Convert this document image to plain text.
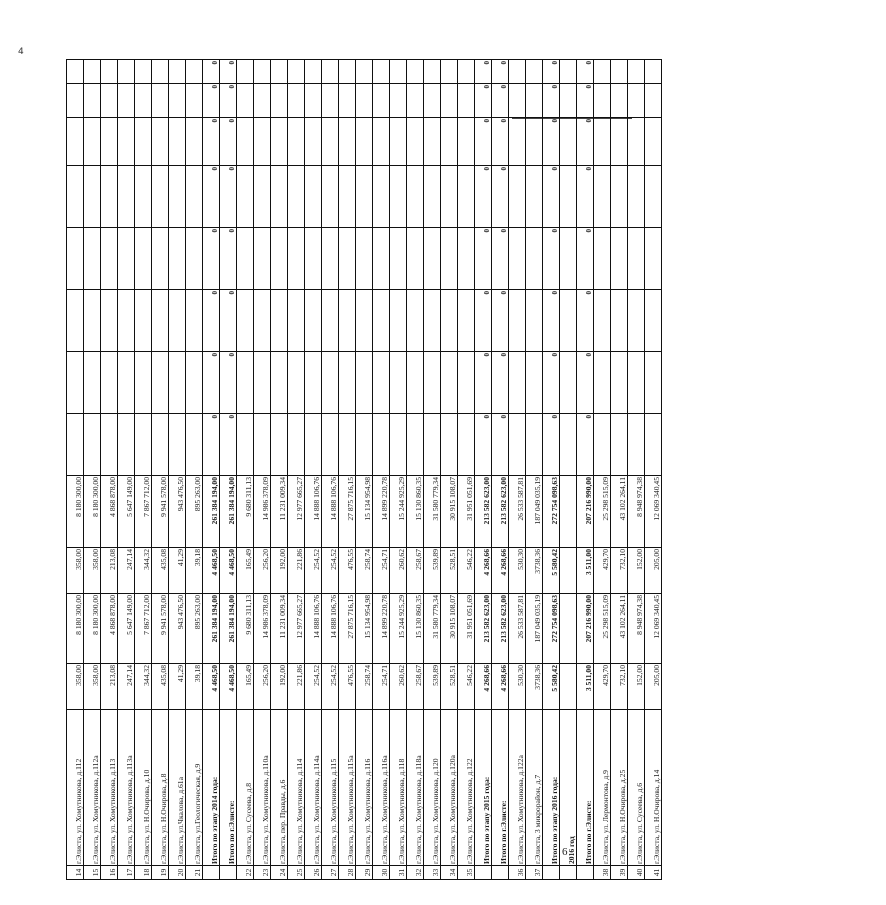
4
14	г.Элиста, ул. Хомутникова, д.112	358,00	8 180 300,00	358,00	8 180 300,00								
15	г.Элиста, ул. Хомутникова, д.112а	358,00	8 180 300,00	358,00	8 180 300,00								
16	г.Элиста, ул. Хомутникова, д.113	213,08	4 868 878,00	213,08	4 868 878,00								
17	г.Элиста, ул. Хомутникова, д.113а	247,14	5 647 149,00	247,14	5 647 149,00								
18	г.Элиста, ул. Н.Очирова, д.10	344,32	7 867 712,00	344,32	7 867 712,00								
19	г.Элиста, ул. Н.Очирова, д.8	435,08	9 941 578,00	435,08	9 941 578,00								
20	г.Элиста, ул.Чкалова, д.61а	41,29	943 476,50	41,29	943 476,50								
21	г.Элиста, ул.Геологическая, д.9	39,18	895 263,00	39,18	895 263,00								
	Итого по этапу 2014 года:	4 468,50	261 384 194,00	4 468,50	261 384 194,00	0	0	0	0	0	0	0	0
	Итого по г.Элисте:	4 468,50	261 384 194,00	4 468,50	261 384 194,00	0	0	0	0	0	0	0	0
22	г.Элиста, ул. Сусеева, д.8	165,49	9 680 311,13	165,49	9 680 311,13								
23	г.Элиста, ул. Хомутникова, д.110а	256,20	14 986 378,09	256,20	14 986 378,09								
24	г.Элиста, пер. Правды, д.6	192,00	11 231 009,34	192,00	11 231 009,34								
25	г.Элиста, ул. Хомутникова, д.114	221,86	12 977 665,27	221,86	12 977 665,27								
26	г.Элиста, ул. Хомутникова, д.114а	254,52	14 888 106,76	254,52	14 888 106,76								
27	г.Элиста, ул. Хомутникова, д.115	254,52	14 888 106,76	254,52	14 888 106,76								
28	г.Элиста, ул. Хомутникова, д.115а	476,55	27 875 716,15	476,55	27 875 716,15								
29	г.Элиста, ул. Хомутникова, д.116	258,74	15 134 954,98	258,74	15 134 954,98								
30	г.Элиста, ул. Хомутникова, д.116а	254,71	14 899 220,78	254,71	14 899 220,78								
31	г.Элиста, ул. Хомутникова, д.118	260,62	15 244 925,29	260,62	15 244 925,29								
32	г.Элиста, ул. Хомутникова, д.118а	258,67	15 130 860,35	258,67	15 130 860,35								
33	г.Элиста, ул. Хомутникова, д.120	539,89	31 580 779,34	539,89	31 580 779,34								
34	г.Элиста, ул. Хомутникова, д.120а	528,51	30 915 108,07	528,51	30 915 108,07								
35	г.Элиста, ул. Хомутникова, д.122	546,22	31 951 051,69	546,22	31 951 051,69								
	Итого по этапу 2015 года:	4 268,66	213 582 623,00	4 268,66	213 582 623,00	0	0	0	0	0	0	0	0
	Итого по г.Элисте:	4 268,66	213 582 623,00	4 268,66	213 582 623,00	0	0	0	0	0	0	0	0
36	г.Элиста, ул. Хомутникова, д.122а	530,30	26 533 587,81	530,30	26 533 587,81								
37	г.Элиста, 3 микрорайон, д.7	3738,36	187 049 035,19	3738,36	187 049 035,19								
	Итого по этапу 2016 года:	5 580,42	272 754 098,63	5 580,42	272 754 098,63	0	0	0	0	0	0	0	0
	2016 год												
	Итого по г.Элисте:	3 511,00	207 216 990,00	3 511,00	207 216 990,00	0	0	0	0	0	0	0	0
38	г.Элиста, ул. Лермонтова, д.9	429,70	25 298 515,09	429,70	25 298 515,09								
39	г.Элиста, ул. Н.Очирова, д.25	732,10	43 102 264,11	732,10	43 102 264,11								
40	г.Элиста, ул. Сусеева, д.6	152,00	8 948 974,38	152,00	8 948 974,38								
41	г.Элиста, ул. Н.Очирова, д.14	205,00	12 069 340,45	205,00	12 069 340,45								
6
